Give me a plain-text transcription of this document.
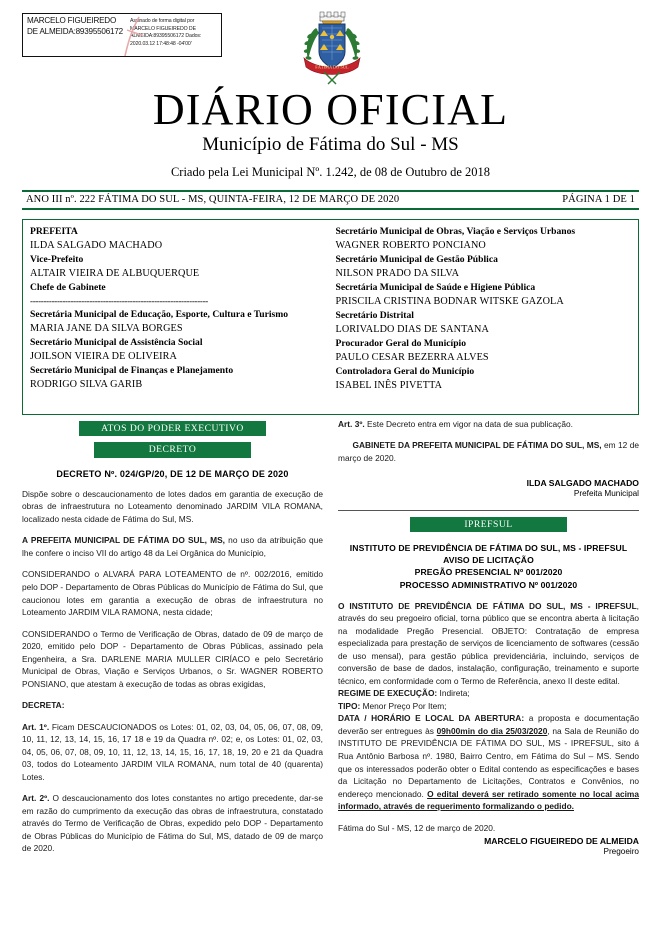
MARCELO FIGUEIREDO DE ALMEIDA:89395506172
Assinado de forma digital por MARCELO FIGUEIREDO DE ALMEIDA:89395506172 Dados: 2020.03.12 17:48:48 -04'00'
FÁTIMA DO SUL
DIÁRIO OFICIAL
Município de Fátima do Sul - MS
Criado pela Lei Municipal Nº. 1.242, de 08 de Outubro de 2018
ANO III nº. 222 FÁTIMA DO SUL - MS, QUINTA-FEIRA, 12 DE MARÇO DE 2020	PÁGINA 1 DE 1
PREFEITA
ILDA SALGADO MACHADO
Vice-Prefeito
ALTAIR VIEIRA DE ALBUQUERQUE
Chefe de Gabinete
------------------------------------------------------------------
Secretária Municipal de Educação, Esporte, Cultura e Turismo
MARIA JANE DA SILVA BORGES
Secretário Municipal de Assistência Social
JOILSON VIEIRA DE OLIVEIRA
Secretário Municipal de Finanças e Planejamento
RODRIGO SILVA GARIB
Secretário Municipal de Obras, Viação e Serviços Urbanos
WAGNER ROBERTO PONCIANO
Secretário Municipal de Gestão Pública
NILSON PRADO DA SILVA
Secretária Municipal de Saúde e Higiene Pública
PRISCILA CRISTINA BODNAR WITSKE GAZOLA
Secretário Distrital
LORIVALDO DIAS DE SANTANA
Procurador Geral do Município
PAULO CESAR BEZERRA ALVES
Controladora Geral do Município
ISABEL INÊS PIVETTA
ATOS DO PODER EXECUTIVO
DECRETO
DECRETO Nº. 024/GP/20, DE 12 DE MARÇO DE 2020
Dispõe sobre o descaucionamento de lotes dados em garantia de execução de obras de infraestrutura no Loteamento denominado JARDIM VILA ROMANA, localizado nesta cidade de Fátima do Sul, MS.
A PREFEITA MUNICIPAL DE FÁTIMA DO SUL, MS, no uso da atribuição que lhe confere o inciso VII do artigo 48 da Lei Orgânica do Município,
CONSIDERANDO o ALVARÁ PARA LOTEAMENTO de nº. 002/2016, emitido pelo DOP - Departamento de Obras Públicas do Município de Fátima do Sul, que caucionou lotes em garantia a execução de obras de infraestrutura no Loteamento JARDIM VILA RAMONA, nesta cidade;
CONSIDERANDO o Termo de Verificação de Obras, datado de 09 de março de 2020, emitido pelo DOP - Departamento de Obras Públicas, assinado pela Engenheira, a Sra. DARLENE MARIA MULLER CIRÍACO e pelo Secretário Municipal de Obras, Viação e Serviços Urbanos, o Sr. WAGNER ROBERTO PONSIANO, que atestam à execução de todas as obras exigidas,
DECRETA:
Art. 1º. Ficam DESCAUCIONADOS os Lotes: 01, 02, 03, 04, 05, 06, 07, 08, 09, 10, 11, 12, 13, 14, 15, 16, 17 18 e 19 da Quadra nº. 02; e, os Lotes: 01, 02, 03, 04, 05, 06, 07, 08, 09, 10, 11, 12, 13, 14, 15, 16, 17, 18, 19, 20 e 21 da Quadra 03, todos do Loteamento JARDIM VILA ROMANA, num total de 40 (quarenta) Lotes.
Art. 2º. O descaucionamento dos lotes constantes no artigo precedente, dar-se em razão do cumprimento da execução das obras de infraestrutura, constatado através do Termo de Verificação de Obras, expedido pelo DOP - Departamento de Obras Públicas do Município de Fátima do Sul, MS, datado de 09 de março de 2020.
Art. 3º. Este Decreto entra em vigor na data de sua publicação.
GABINETE DA PREFEITA MUNICIPAL DE FÁTIMA DO SUL, MS, em 12 de março de 2020.
ILDA SALGADO MACHADO
Prefeita Municipal
IPREFSUL
INSTITUTO DE PREVIDÊNCIA DE FÁTIMA DO SUL, MS - IPREFSUL
AVISO DE LICITAÇÃO
PREGÃO PRESENCIAL Nº 001/2020
PROCESSO ADMINISTRATIVO Nº 001/2020
O INSTITUTO DE PREVIDÊNCIA DE FÁTIMA DO SUL, MS - IPREFSUL, através do seu pregoeiro oficial, torna público que se encontra aberta à licitação na modalidade Pregão Presencial. OBJETO: Contratação de empresa especializada para prestação de serviços de licenciamento de softwares (cessão de uso mensal), para gestão pública previdenciária, incluindo, serviços de conversão de base de dados, instalação, configuração, treinamento e suporte técnico, em conformidade com o Termo de Referência, anexo II deste edital.
REGIME DE EXECUÇÃO: Indireta;
TIPO: Menor Preço Por Item;
DATA / HORÁRIO E LOCAL DA ABERTURA: a proposta e documentação deverão ser entregues às 09h00min do dia 25/03/2020, na Sala de Reunião do INSTITUTO DE PREVIDÊNCIA DE FÁTIMA DO SUL, MS - IPREFSUL, sito á Rua Antônio Barbosa nº. 1980, Bairro Centro, em Fátima do Sul – MS. Sendo que os interessados poderão obter o Edital contendo as especificações e bases da Licitação no Departamento de Licitações, Contratos e Convênios, no endereço mencionado. O edital deverá ser retirado somente no local acima informado, através de requerimento formalizando o pedido.
Fátima do Sul - MS, 12 de março de 2020.
MARCELO FIGUEIREDO DE ALMEIDA
Pregoeiro
